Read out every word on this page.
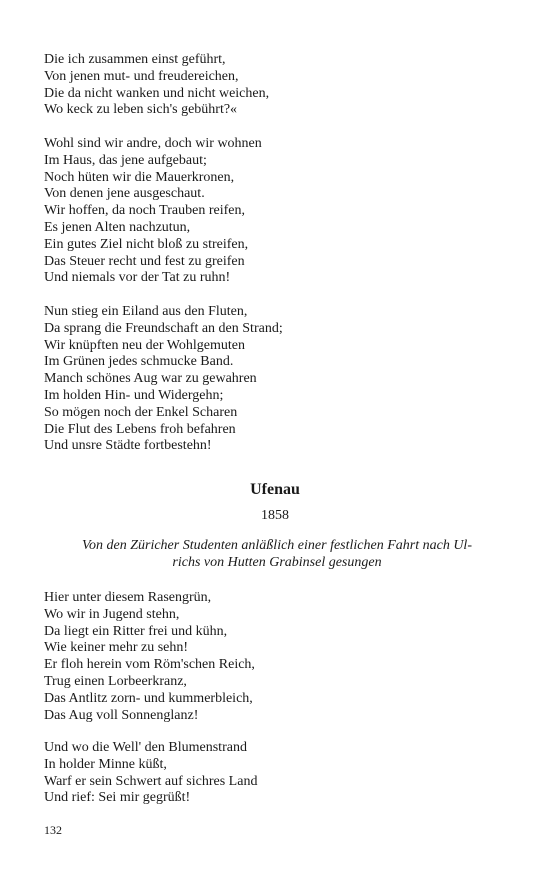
Die ich zusammen einst geführt,
Von jenen mut- und freudereichen,
Die da nicht wanken und nicht weichen,
Wo keck zu leben sich's gebührt?«
Wohl sind wir andre, doch wir wohnen
Im Haus, das jene aufgebaut;
Noch hüten wir die Mauerkronen,
Von denen jene ausgeschaut.
Wir hoffen, da noch Trauben reifen,
Es jenen Alten nachzutun,
Ein gutes Ziel nicht bloß zu streifen,
Das Steuer recht und fest zu greifen
Und niemals vor der Tat zu ruhn!
Nun stieg ein Eiland aus den Fluten,
Da sprang die Freundschaft an den Strand;
Wir knüpften neu der Wohlgemuten
Im Grünen jedes schmucke Band.
Manch schönes Aug war zu gewahren
Im holden Hin- und Widergehn;
So mögen noch der Enkel Scharen
Die Flut des Lebens froh befahren
Und unsre Städte fortbestehn!
Ufenau
1858
Von den Züricher Studenten anläßlich einer festlichen Fahrt nach Ul-
richs von Hutten Grabinsel gesungen
Hier unter diesem Rasengrün,
Wo wir in Jugend stehn,
Da liegt ein Ritter frei und kühn,
Wie keiner mehr zu sehn!
Er floh herein vom Röm'schen Reich,
Trug einen Lorbeerkranz,
Das Antlitz zorn- und kummerbleich,
Das Aug voll Sonnenglanz!
Und wo die Well' den Blumenstrand
In holder Minne küßt,
Warf er sein Schwert auf sichres Land
Und rief: Sei mir gegrüßt!
132
